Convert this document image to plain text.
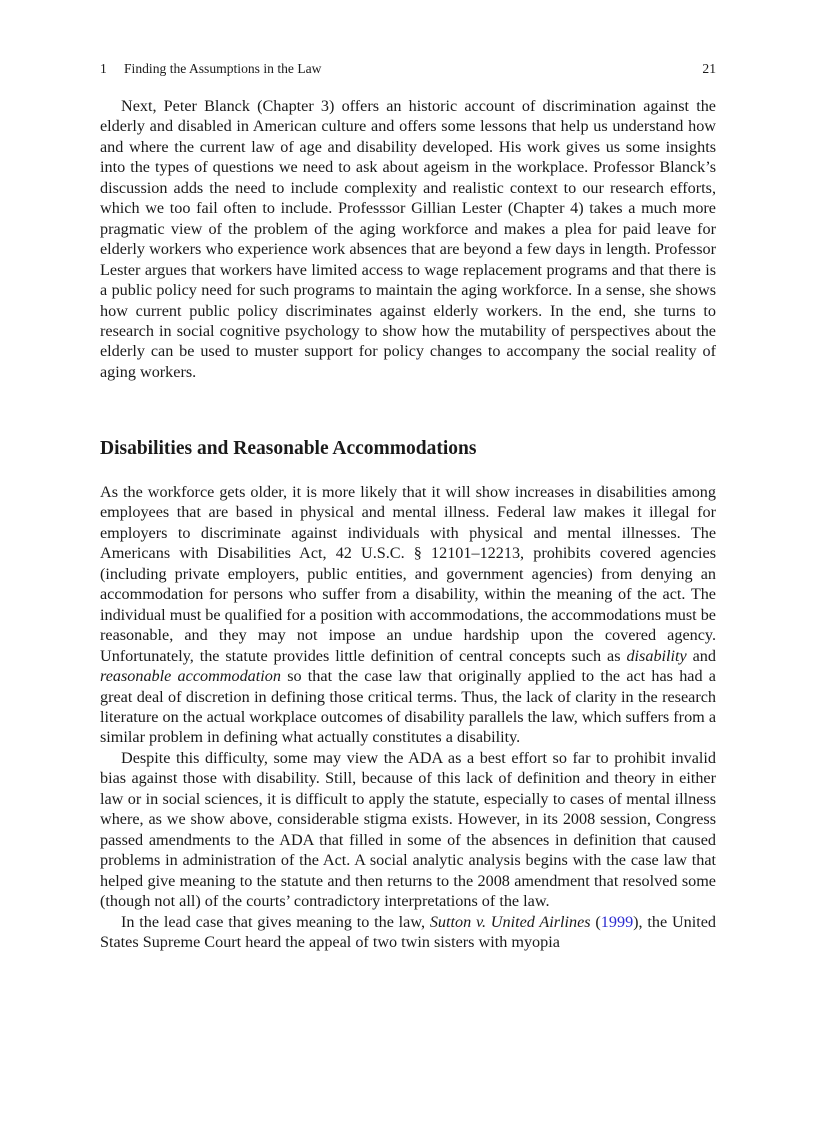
1 Finding the Assumptions in the Law	21

Next, Peter Blanck (Chapter 3) offers an historic account of discrimination against the elderly and disabled in American culture and offers some lessons that help us understand how and where the current law of age and disability developed. His work gives us some insights into the types of questions we need to ask about ageism in the workplace. Professor Blanck’s discussion adds the need to include complexity and realistic context to our research efforts, which we too fail often to include. Professsor Gillian Lester (Chapter 4) takes a much more pragmatic view of the problem of the aging workforce and makes a plea for paid leave for elderly workers who experience work absences that are beyond a few days in length. Professor Lester argues that workers have limited access to wage replacement programs and that there is a public policy need for such programs to maintain the aging workforce. In a sense, she shows how current public policy discriminates against elderly workers. In the end, she turns to research in social cognitive psychology to show how the mutability of perspectives about the elderly can be used to muster support for policy changes to accompany the social reality of aging workers.

Disabilities and Reasonable Accommodations

As the workforce gets older, it is more likely that it will show increases in disabilities among employees that are based in physical and mental illness. Federal law makes it illegal for employers to discriminate against individuals with physical and mental illnesses. The Americans with Disabilities Act, 42 U.S.C. § 12101–12213, prohibits covered agencies (including private employers, public entities, and government agencies) from denying an accommodation for persons who suffer from a disability, within the meaning of the act. The individual must be qualified for a position with accommodations, the accommodations must be reasonable, and they may not impose an undue hardship upon the covered agency. Unfortunately, the statute provides little definition of central concepts such as disability and reasonable accommodation so that the case law that originally applied to the act has had a great deal of discretion in defining those critical terms. Thus, the lack of clarity in the research literature on the actual workplace outcomes of disability parallels the law, which suffers from a similar problem in defining what actually constitutes a disability.

Despite this difficulty, some may view the ADA as a best effort so far to prohibit invalid bias against those with disability. Still, because of this lack of definition and theory in either law or in social sciences, it is difficult to apply the statute, especially to cases of mental illness where, as we show above, considerable stigma exists. However, in its 2008 session, Congress passed amendments to the ADA that filled in some of the absences in definition that caused problems in administration of the Act. A social analytic analysis begins with the case law that helped give meaning to the statute and then returns to the 2008 amendment that resolved some (though not all) of the courts’ contradictory interpretations of the law.

In the lead case that gives meaning to the law, Sutton v. United Airlines (1999), the United States Supreme Court heard the appeal of two twin sisters with myopia
